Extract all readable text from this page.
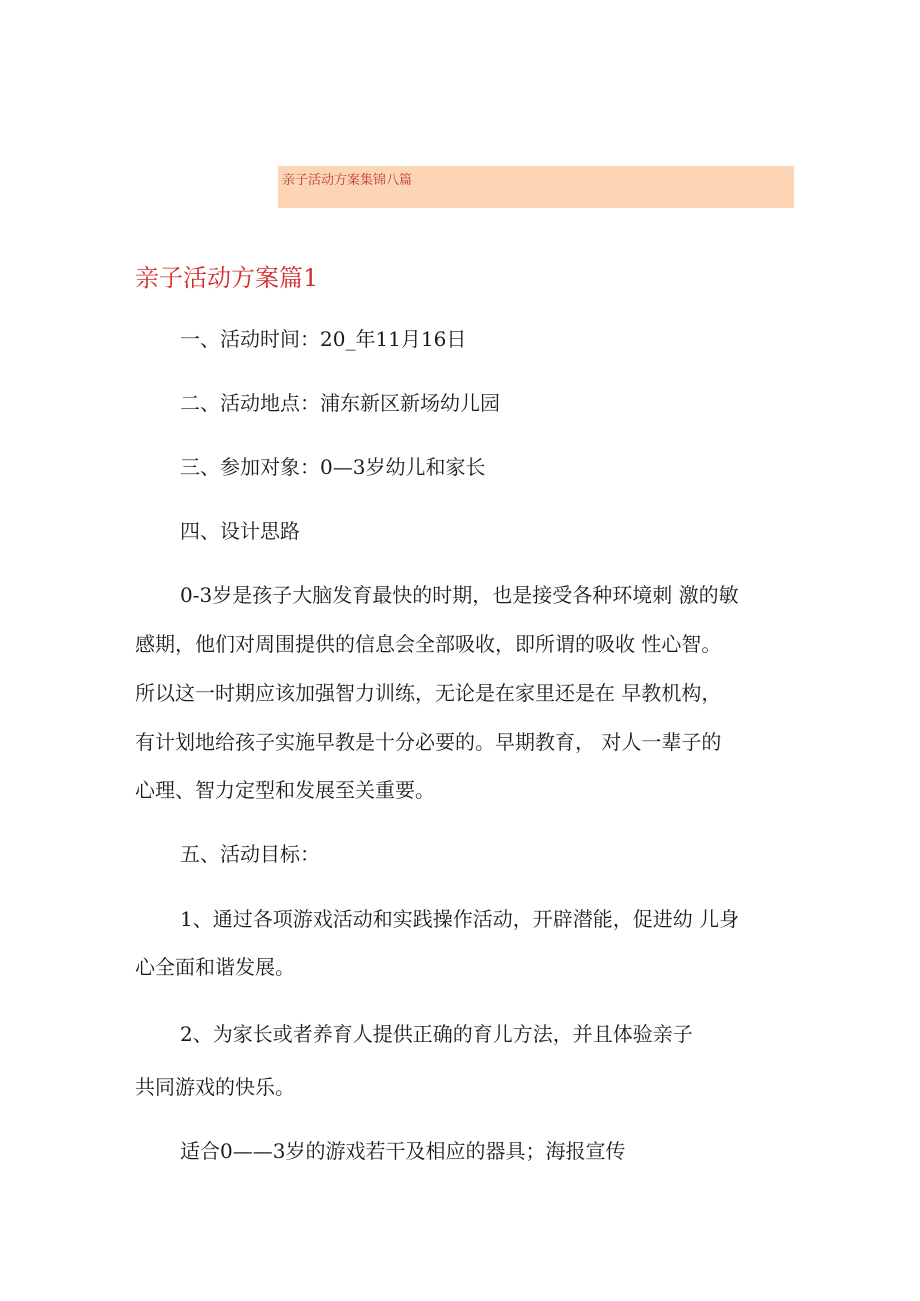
亲子活动方案集锦八篇
亲子活动方案篇1
一、活动时间：20_年11月16日
二、活动地点：浦东新区新场幼儿园
三、参加对象：0—3岁幼儿和家长
四、设计思路
0-3岁是孩子大脑发育最快的时期，也是接受各种环境刺 激的敏
感期，他们对周围提供的信息会全部吸收，即所谓的吸收 性心智。
所以这一时期应该加强智力训练，无论是在家里还是在 早教机构，
有计划地给孩子实施早教是十分必要的。早期教育， 对人一辈子的
心理、智力定型和发展至关重要。
五、活动目标：
1、通过各项游戏活动和实践操作活动，开辟潜能，促进幼 儿身
心全面和谐发展。
2、为家长或者养育人提供正确的育儿方法，并且体验亲子
共同游戏的快乐。
适合0——3岁的游戏若干及相应的器具；海报宣传
